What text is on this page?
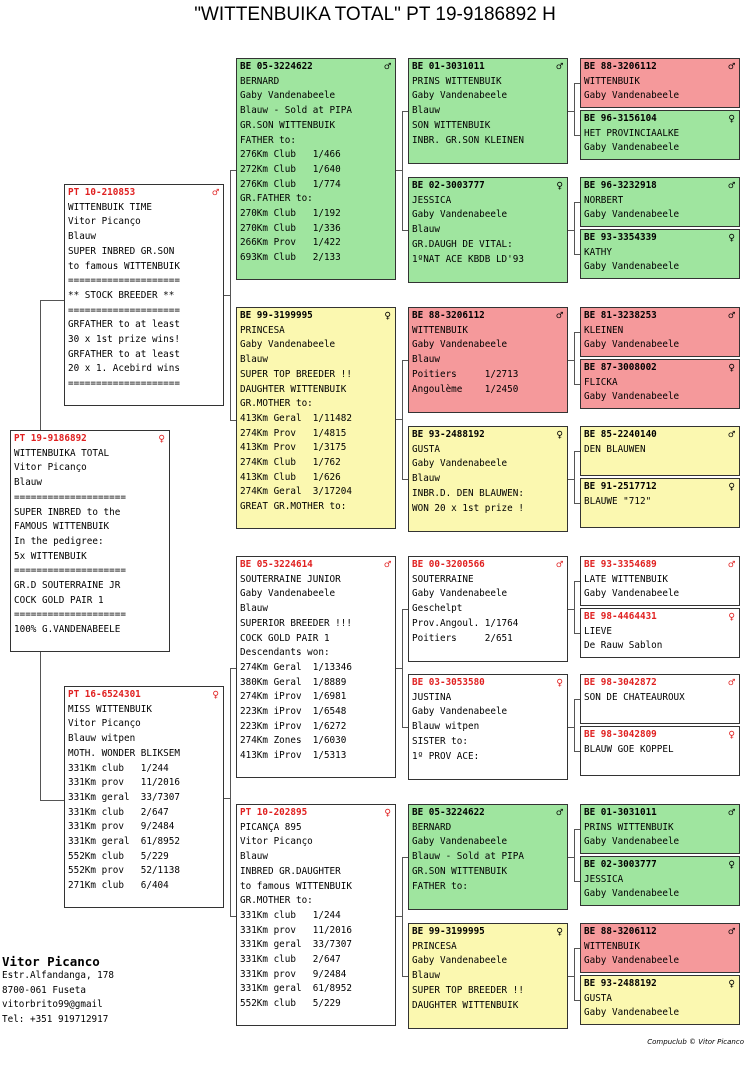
"WITTENBUIKA TOTAL" PT 19-9186892 H
PT 19-9186892	♀
WITTENBUIKA TOTAL
Vitor Picanço
Blauw
====================
SUPER INBRED to the
FAMOUS WITTENBUIK
In the pedigree:
5x WITTENBUIK
====================
GR.D SOUTERRAINE JR
COCK GOLD PAIR 1
====================
100% G.VANDENABEELE
PT 10-210853	♂
WITTENBUIK TIME
Vitor Picanço
Blauw
SUPER INBRED GR.SON
to famous WITTENBUIK
====================
** STOCK BREEDER **
====================
GRFATHER to at least
30 x 1st prize wins!
GRFATHER to at least
20 x 1. Acebird wins
====================
PT 16-6524301	♀
MISS WITTENBUIK
Vitor Picanço
Blauw witpen
MOTH. WONDER BLIKSEM
331Km club   1/244
331Km prov   11/2016
331Km geral  33/7307
331Km club   2/647
331Km prov   9/2484
331Km geral  61/8952
552Km club   5/229
552Km prov   52/1138
271Km club   6/404
BE 05-3224622	♂
BERNARD
Gaby Vandenabeele
Blauw - Sold at PIPA
GR.SON WITTENBUIK
FATHER to:
276Km Club   1/466
272Km Club   1/640
276Km Club   1/774
GR.FATHER to:
270Km Club   1/192
270Km Club   1/336
266Km Prov   1/422
693Km Club   2/133
BE 99-3199995	♀
PRINCESA
Gaby Vandenabeele
Blauw
SUPER TOP BREEDER !!
DAUGHTER WITTENBUIK
GR.MOTHER to:
413Km Geral  1/11482
274Km Prov   1/4815
413Km Prov   1/3175
274Km Club   1/762
413Km Club   1/626
274Km Geral  3/17204
GREAT GR.MOTHER to:
BE 05-3224614	♂
SOUTERRAINE JUNIOR
Gaby Vandenabeele
Blauw
SUPERIOR BREEDER !!!
COCK GOLD PAIR 1
Descendants won:
274Km Geral  1/13346
380Km Geral  1/8889
274Km iProv  1/6981
223Km iProv  1/6548
223Km iProv  1/6272
274Km Zones  1/6030
413Km iProv  1/5313
PT 10-202895	♀
PICANÇA 895
Vitor Picanço
Blauw
INBRED GR.DAUGHTER
to famous WITTENBUIK
GR.MOTHER to:
331Km club   1/244
331Km prov   11/2016
331Km geral  33/7307
331Km club   2/647
331Km prov   9/2484
331Km geral  61/8952
552Km club   5/229
BE 01-3031011	♂
PRINS WITTENBUIK
Gaby Vandenabeele
Blauw
SON WITTENBUIK
INBR. GR.SON KLEINEN
BE 02-3003777	♀
JESSICA
Gaby Vandenabeele
Blauw
GR.DAUGH DE VITAL:
1ºNAT ACE KBDB LD'93
BE 88-3206112	♂
WITTENBUIK
Gaby Vandenabeele
Blauw
Poitiers     1/2713
Angoulème    1/2450
BE 93-2488192	♀
GUSTA
Gaby Vandenabeele
Blauw
INBR.D. DEN BLAUWEN:
WON 20 x 1st prize !
BE 00-3200566	♂
SOUTERRAINE
Gaby Vandenabeele
Geschelpt
Prov.Angoul. 1/1764
Poitiers     2/651
BE 03-3053580	♀
JUSTINA
Gaby Vandenabeele
Blauw witpen
SISTER to:
1º PROV ACE:
BE 05-3224622	♂
BERNARD
Gaby Vandenabeele
Blauw - Sold at PIPA
GR.SON WITTENBUIK
FATHER to:
BE 99-3199995	♀
PRINCESA
Gaby Vandenabeele
Blauw
SUPER TOP BREEDER !!
DAUGHTER WITTENBUIK
BE 88-3206112	♂
WITTENBUIK
Gaby Vandenabeele
BE 96-3156104	♀
HET PROVINCIAALKE
Gaby Vandenabeele
BE 96-3232918	♂
NORBERT
Gaby Vandenabeele
BE 93-3354339	♀
KATHY
Gaby Vandenabeele
BE 81-3238253	♂
KLEINEN
Gaby Vandenabeele
BE 87-3008002	♀
FLICKA
Gaby Vandenabeele
BE 85-2240140	♂
DEN BLAUWEN
BE 91-2517712	♀
BLAUWE "712"
BE 93-3354689	♂
LATE WITTENBUIK
Gaby Vandenabeele
BE 98-4464431	♀
LIEVE
De Rauw Sablon
BE 98-3042872	♂
SON DE CHATEAUROUX
BE 98-3042809	♀
BLAUW GOE KOPPEL
BE 01-3031011	♂
PRINS WITTENBUIK
Gaby Vandenabeele
BE 02-3003777	♀
JESSICA
Gaby Vandenabeele
BE 88-3206112	♂
WITTENBUIK
Gaby Vandenabeele
BE 93-2488192	♀
GUSTA
Gaby Vandenabeele
Vitor Picanco
Estr.Alfandanga, 178
8700-061 Fuseta
vitorbrito99@gmail
Tel: +351 919712917
Compuclub © Vitor Picanco
